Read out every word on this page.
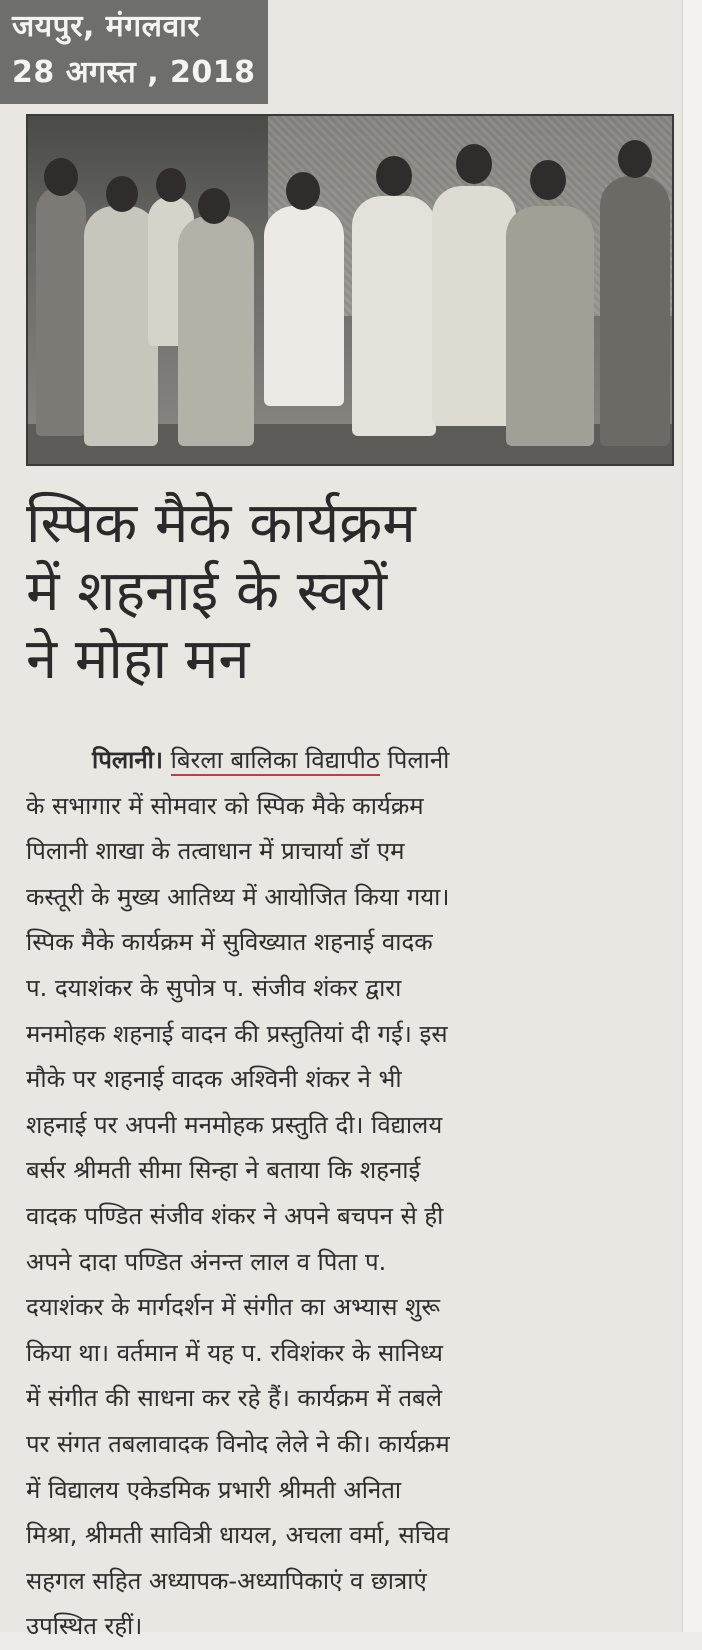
जयपुर, मंगलवार
28 अगस्त , 2018
स्पिक मैके कार्यक्रम
में शहनाई के स्वरों
ने मोहा मन
पिलानी। बिरला बालिका विद्यापीठ पिलानी
के सभागार में सोमवार को स्पिक मैके कार्यक्रम
पिलानी शाखा के तत्वाधान में प्राचार्या डॉ एम
कस्तूरी के मुख्य आतिथ्य में आयोजित किया गया।
स्पिक मैके कार्यक्रम में सुविख्यात शहनाई वादक
प. दयाशंकर के सुपोत्र प. संजीव शंकर द्वारा
मनमोहक शहनाई वादन की प्रस्तुतियां दी गई। इस
मौके पर शहनाई वादक अश्विनी शंकर ने भी
शहनाई पर अपनी मनमोहक प्रस्तुति दी। विद्यालय
बर्सर श्रीमती सीमा सिन्हा ने बताया कि शहनाई
वादक पण्डित संजीव शंकर ने अपने बचपन से ही
अपने दादा पण्डित अंनन्त लाल व पिता प.
दयाशंकर के मार्गदर्शन में संगीत का अभ्यास शुरू
किया था। वर्तमान में यह प. रविशंकर के सानिध्य
में संगीत की साधना कर रहे हैं। कार्यक्रम में तबले
पर संगत तबलावादक विनोद लेले ने की। कार्यक्रम
में विद्यालय एकेडमिक प्रभारी श्रीमती अनिता
मिश्रा, श्रीमती सावित्री धायल, अचला वर्मा, सचिव
सहगल सहित अध्यापक-अध्यापिकाएं व छात्राएं
उपस्थित रहीं।
